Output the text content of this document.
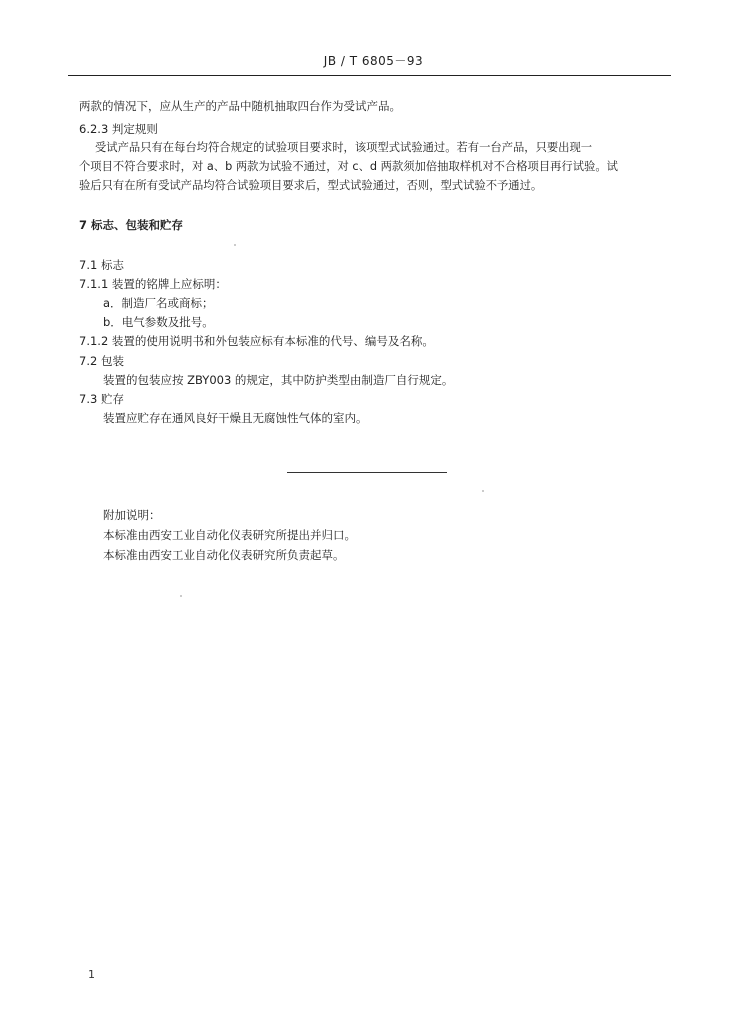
JB / T 6805－93
两款的情况下，应从生产的产品中随机抽取四台作为受试产品。
6.2.3 判定规则
受试产品只有在每台均符合规定的试验项目要求时，该项型式试验通过。若有一台产品，只要出现一
个项目不符合要求时，对 a、b 两款为试验不通过，对 c、d 两款须加倍抽取样机对不合格项目再行试验。试
验后只有在所有受试产品均符合试验项目要求后，型式试验通过，否则，型式试验不予通过。
7 标志、包装和贮存
7.1 标志
7.1.1 装置的铭牌上应标明：
a．制造厂名或商标；
b．电气参数及批号。
7.1.2 装置的使用说明书和外包装应标有本标准的代号、编号及名称。
7.2 包装
装置的包装应按 ZBY003 的规定，其中防护类型由制造厂自行规定。
7.3 贮存
装置应贮存在通风良好干燥且无腐蚀性气体的室内。
附加说明：
本标准由西安工业自动化仪表研究所提出并归口。
本标准由西安工业自动化仪表研究所负责起草。
1
